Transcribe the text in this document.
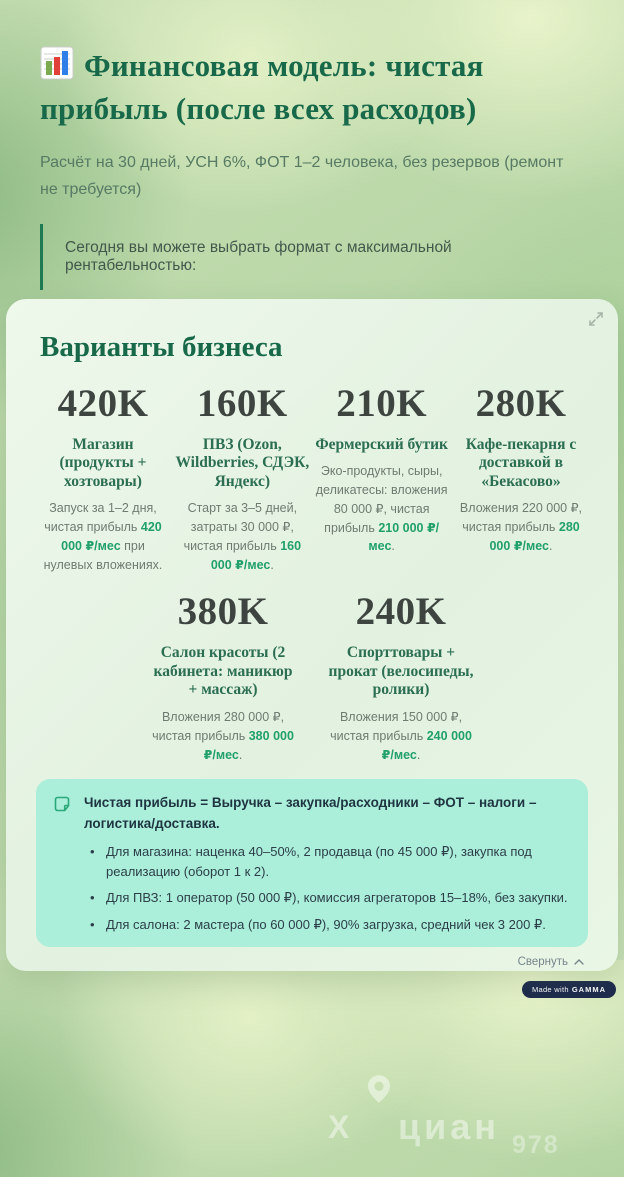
Финансовая модель: чистая прибыль (после всех расходов)
Расчёт на 30 дней, УСН 6%, ФОТ 1–2 человека, без резервов (ремонт не требуется)
Сегодня вы можете выбрать формат с максимальной рентабельностью:
Варианты бизнеса
420K
Магазин (продукты + хозтовары)
Запуск за 1–2 дня, чистая прибыль 420 000 ₽/мес при нулевых вложениях.
160K
ПВЗ (Ozon, Wildberries, СДЭК, Яндекс)
Старт за 3–5 дней, затраты 30 000 ₽, чистая прибыль 160 000 ₽/мес.
210K
Фермерский бутик
Эко-продукты, сыры, деликатесы: вложения 80 000 ₽, чистая прибыль 210 000 ₽/мес.
280K
Кафе-пекарня с доставкой в «Бекасово»
Вложения 220 000 ₽, чистая прибыль 280 000 ₽/мес.
380K
Салон красоты (2 кабинета: маникюр + массаж)
Вложения 280 000 ₽, чистая прибыль 380 000 ₽/мес.
240K
Спорттовары + прокат (велосипеды, ролики)
Вложения 150 000 ₽, чистая прибыль 240 000 ₽/мес.
Чистая прибыль = Выручка – закупка/расходники – ФОТ – налоги – логистика/доставка.
• Для магазина: наценка 40–50%, 2 продавца (по 45 000 ₽), закупка под реализацию (оборот 1 к 2).
• Для ПВЗ: 1 оператор (50 000 ₽), комиссия агрегаторов 15–18%, без закупки.
• Для салона: 2 мастера (по 60 000 ₽), 90% загрузка, средний чек 3 200 ₽.
Свернуть
Х циан 978
Made with GAMMA
